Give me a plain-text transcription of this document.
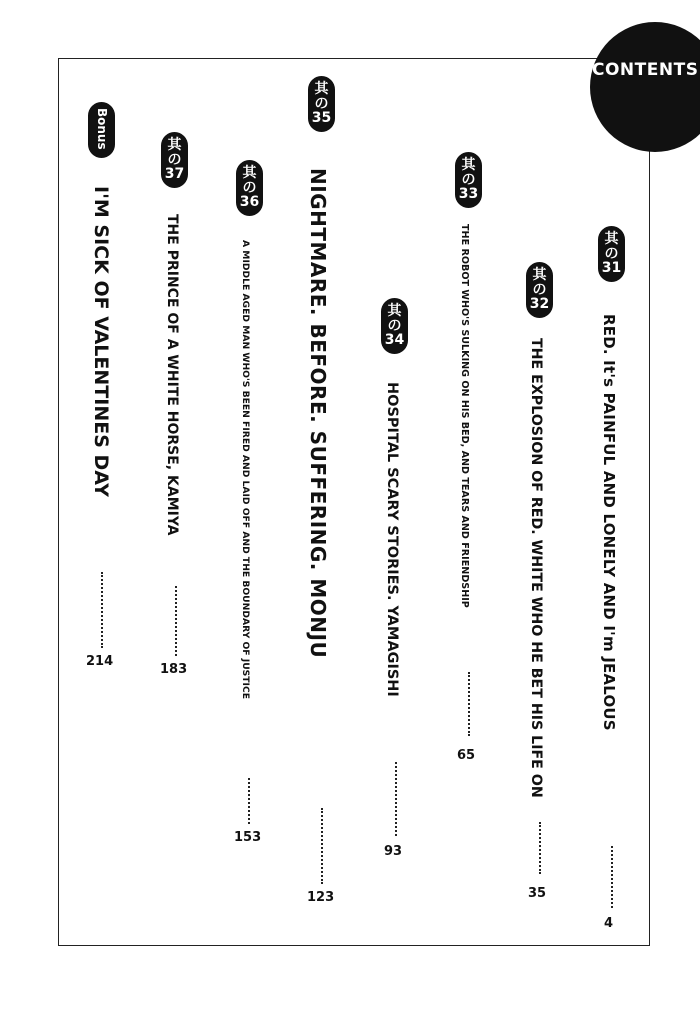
CONTENTS
其の
31
RED. It's PAINFUL AND LONELY AND I'm JEALOUS
4
其の
32
THE EXPLOSION OF RED. WHITE WHO HE BET HIS LIFE ON
35
其の
33
THE ROBOT WHO'S SULKING ON HIS BED, AND TEARS AND FRIENDSHIP
65
其の
34
HOSPITAL SCARY STORIES. YAMAGISHI
93
其の
35
NIGHTMARE. BEFORE. SUFFERING. MONJU
123
其の
36
A MIDDLE AGED MAN WHO'S BEEN FIRED AND LAID OFF AND THE BOUNDARY OF JUSTICE
153
其の
37
THE PRINCE OF A WHITE HORSE, KAMIYA
183
Bonus
I'M SICK OF VALENTINES DAY
214
